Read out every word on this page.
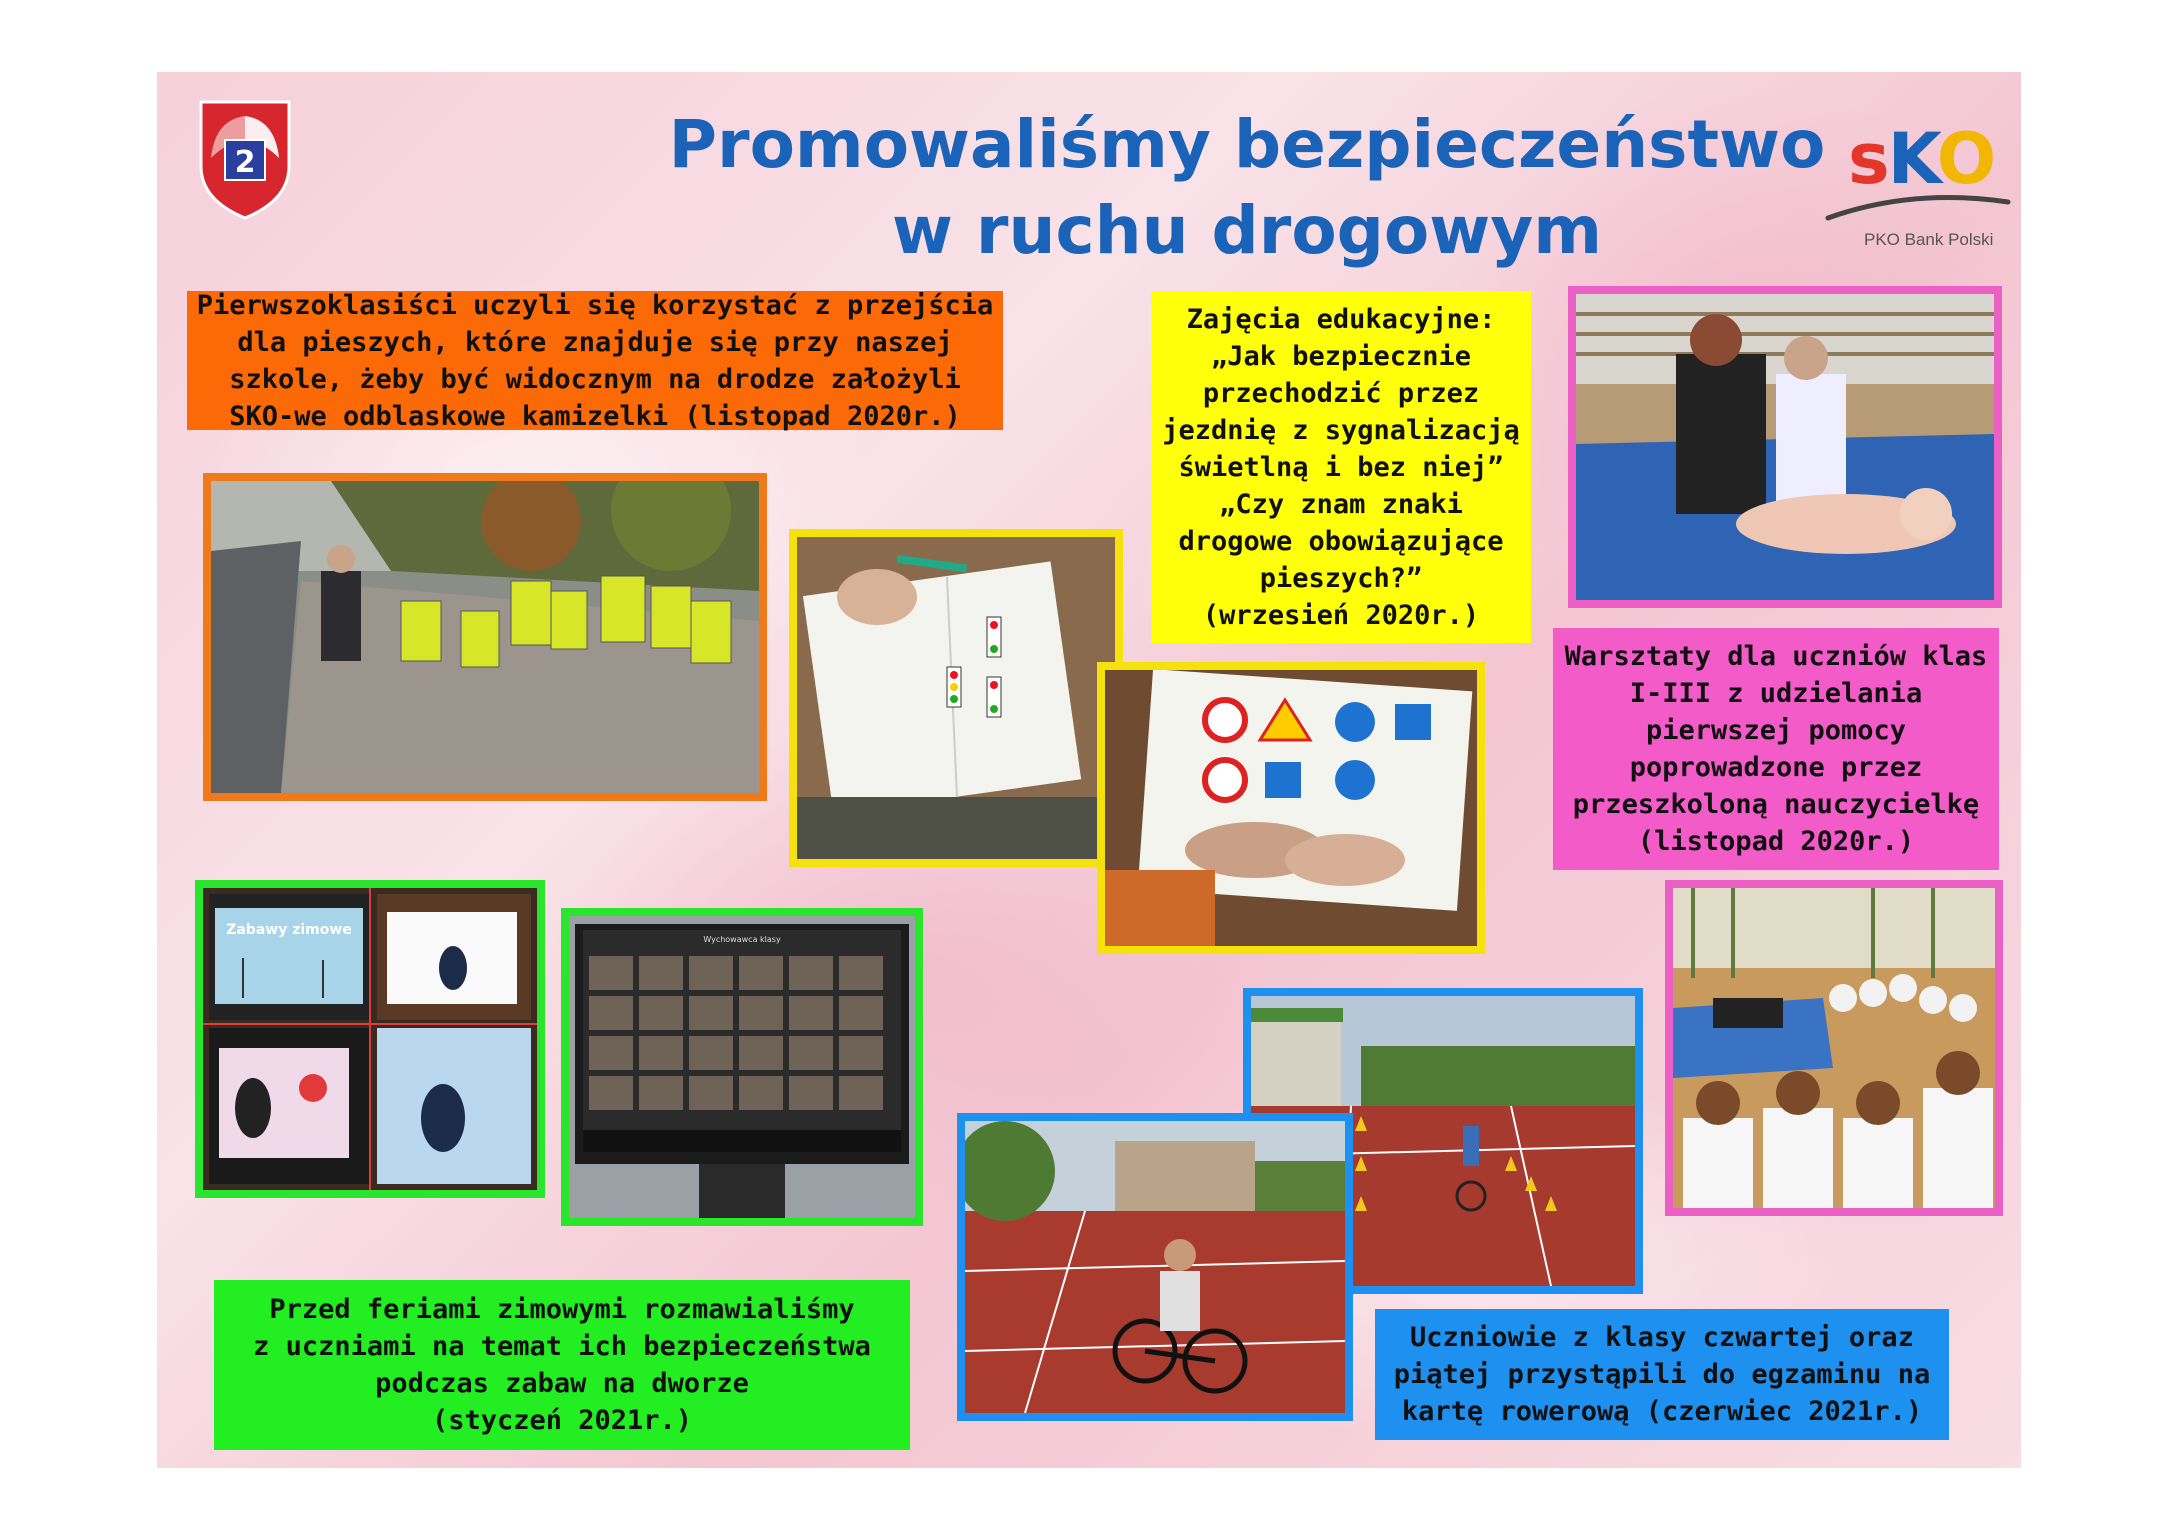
2	Promowaliśmy bezpieczeństwo
w ruchu drogowym
sKO
PKO Bank Polski
Pierwszoklasiści uczyli się korzystać z przejścia
dla pieszych, które znajduje się przy naszej
szkole, żeby być widocznym na drodze założyli
SKO-we odblaskowe kamizelki (listopad 2020r.)
Zajęcia edukacyjne:
„Jak bezpiecznie
przechodzić przez
jezdnię z sygnalizacją
świetlną i bez niej”
„Czy znam znaki
drogowe obowiązujące
pieszych?”
(wrzesień 2020r.)
Warsztaty dla uczniów klas
I-III z udzielania
pierwszej pomocy
poprowadzone przez
przeszkoloną nauczycielkę
(listopad 2020r.)
Zabawy zimowe
Wychowawca klasy
Przed feriami zimowymi rozmawialiśmy
z uczniami na temat ich bezpieczeństwa
podczas zabaw na dworze
(styczeń 2021r.)
Uczniowie z klasy czwartej oraz
piątej przystąpili do egzaminu na
kartę rowerową (czerwiec 2021r.)
